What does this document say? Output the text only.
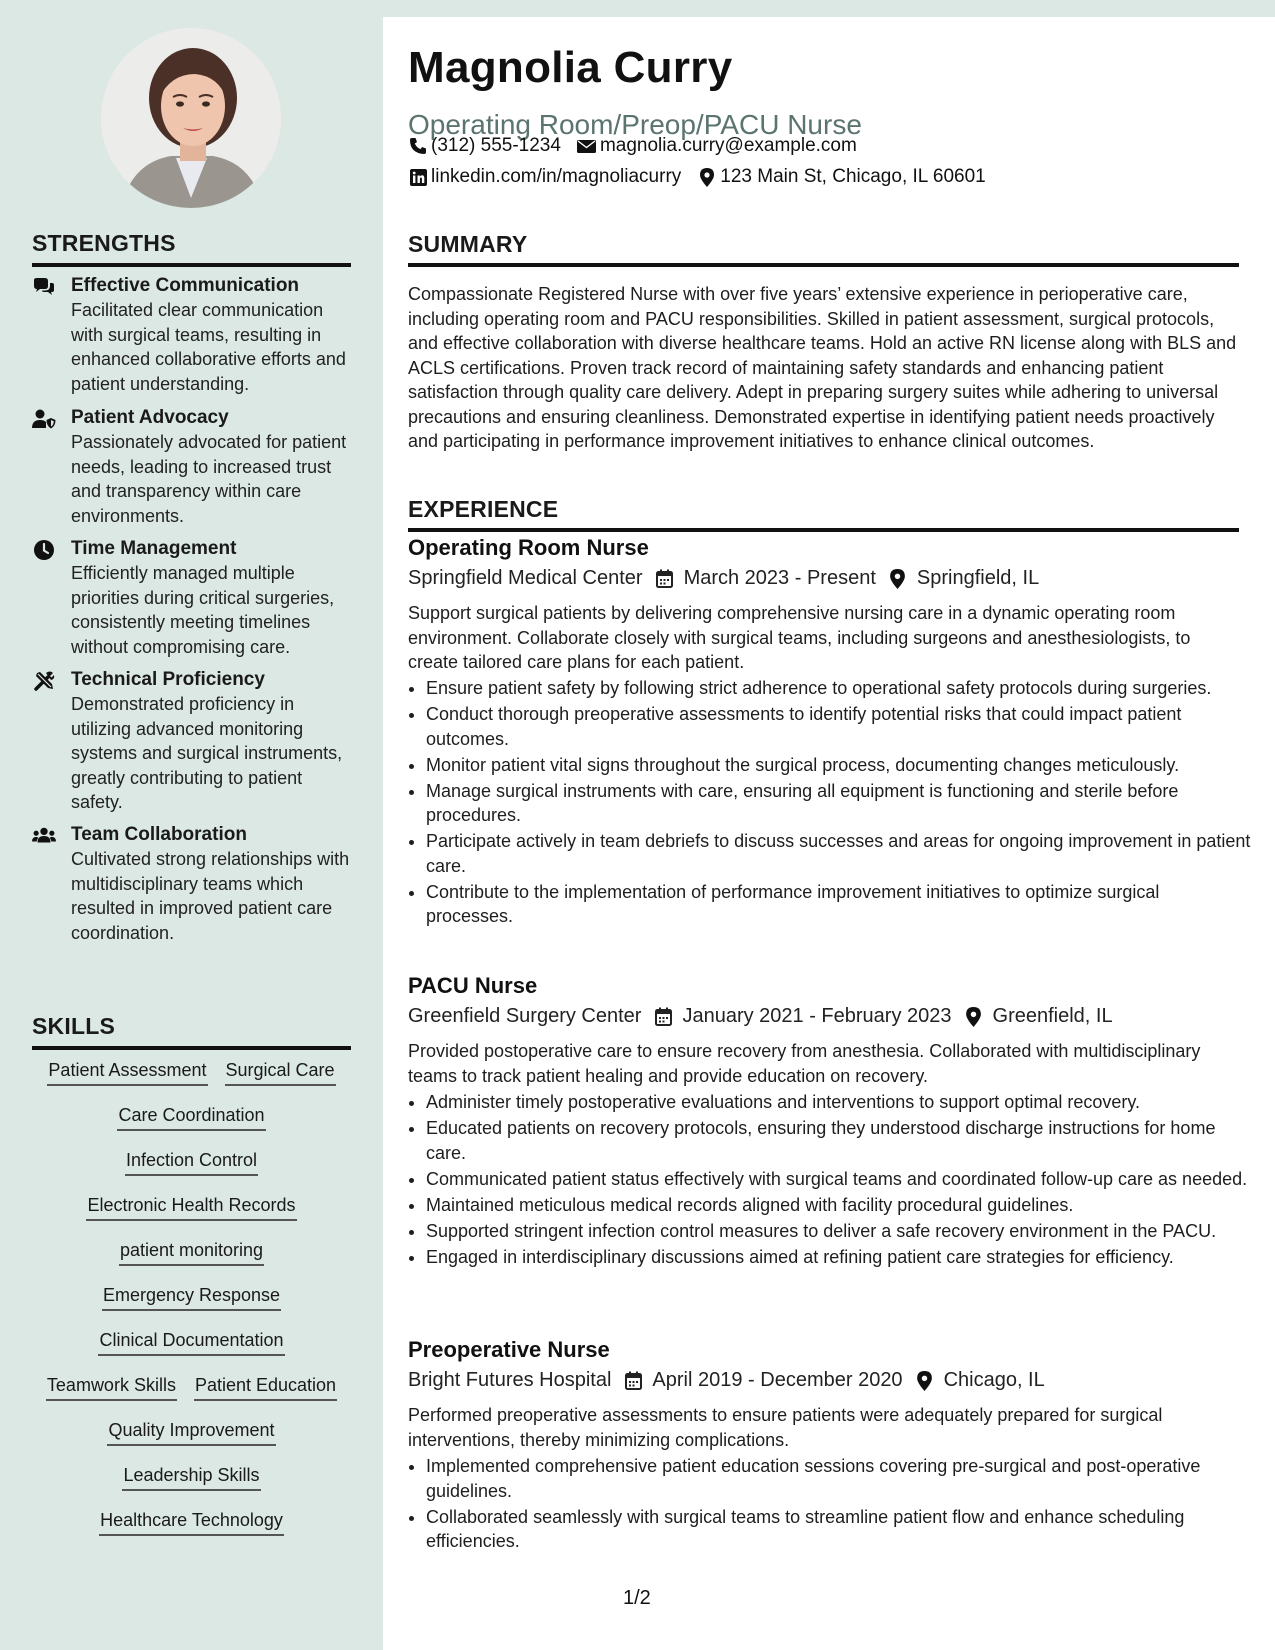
STRENGTHS
Effective Communication
Facilitated clear communication with surgical teams, resulting in enhanced collaborative efforts and patient understanding.
Patient Advocacy
Passionately advocated for patient needs, leading to increased trust and transparency within care environments.
Time Management
Efficiently managed multiple priorities during critical surgeries, consistently meeting timelines without compromising care.
Technical Proficiency
Demonstrated proficiency in utilizing advanced monitoring systems and surgical instruments, greatly contributing to patient safety.
Team Collaboration
Cultivated strong relationships with multidisciplinary teams which resulted in improved patient care coordination.
SKILLS
Patient Assessment Surgical Care
Care Coordination
Infection Control
Electronic Health Records
patient monitoring
Emergency Response
Clinical Documentation
Teamwork Skills Patient Education
Quality Improvement
Leadership Skills
Healthcare Technology
Magnolia Curry
Operating Room/Preop/PACU Nurse
(312) 555-1234 magnolia.curry@example.com
linkedin.com/in/magnoliacurry 123 Main St, Chicago, IL 60601
SUMMARY
Compassionate Registered Nurse with over five years’ extensive experience in perioperative care, including operating room and PACU responsibilities. Skilled in patient assessment, surgical protocols, and effective collaboration with diverse healthcare teams. Hold an active RN license along with BLS and ACLS certifications. Proven track record of maintaining safety standards and enhancing patient satisfaction through quality care delivery. Adept in preparing surgery suites while adhering to universal precautions and ensuring cleanliness. Demonstrated expertise in identifying patient needs proactively and participating in performance improvement initiatives to enhance clinical outcomes.
EXPERIENCE
Operating Room Nurse
Springfield Medical Center March 2023 - Present Springfield, IL
Support surgical patients by delivering comprehensive nursing care in a dynamic operating room environment. Collaborate closely with surgical teams, including surgeons and anesthesiologists, to create tailored care plans for each patient.
• Ensure patient safety by following strict adherence to operational safety protocols during surgeries.
• Conduct thorough preoperative assessments to identify potential risks that could impact patient outcomes.
• Monitor patient vital signs throughout the surgical process, documenting changes meticulously.
• Manage surgical instruments with care, ensuring all equipment is functioning and sterile before procedures.
• Participate actively in team debriefs to discuss successes and areas for ongoing improvement in patient care.
• Contribute to the implementation of performance improvement initiatives to optimize surgical processes.
PACU Nurse
Greenfield Surgery Center January 2021 - February 2023 Greenfield, IL
Provided postoperative care to ensure recovery from anesthesia. Collaborated with multidisciplinary teams to track patient healing and provide education on recovery.
• Administer timely postoperative evaluations and interventions to support optimal recovery.
• Educated patients on recovery protocols, ensuring they understood discharge instructions for home care.
• Communicated patient status effectively with surgical teams and coordinated follow-up care as needed.
• Maintained meticulous medical records aligned with facility procedural guidelines.
• Supported stringent infection control measures to deliver a safe recovery environment in the PACU.
• Engaged in interdisciplinary discussions aimed at refining patient care strategies for efficiency.
Preoperative Nurse
Bright Futures Hospital April 2019 - December 2020 Chicago, IL
Performed preoperative assessments to ensure patients were adequately prepared for surgical interventions, thereby minimizing complications.
• Implemented comprehensive patient education sessions covering pre-surgical and post-operative guidelines.
• Collaborated seamlessly with surgical teams to streamline patient flow and enhance scheduling efficiencies.
1/2
